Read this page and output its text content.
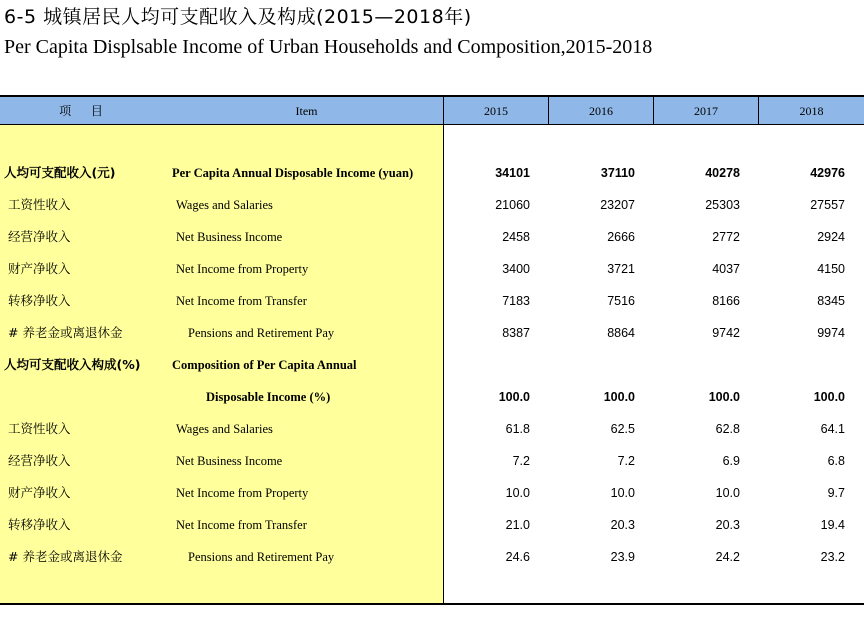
6-5 城镇居民人均可支配收入及构成(2015—2018年)
Per Capita Displsable Income of Urban Households and Composition,2015-2018
项 目	Item	2015	2016	2017	2018
人均可支配收入(元)	Per Capita Annual Disposable Income (yuan)	34101	37110	40278	42976
工资性收入	Wages and Salaries	21060	23207	25303	27557
经营净收入	Net Business Income	2458	2666	2772	2924
财产净收入	Net Income from Property	3400	3721	4037	4150
转移净收入	Net Income from Transfer	7183	7516	8166	8345
# 养老金或离退休金	Pensions and Retirement Pay	8387	8864	9742	9974
人均可支配收入构成(%)	Composition of Per Capita Annual
Disposable Income (%)	100.0	100.0	100.0	100.0
工资性收入	Wages and Salaries	61.8	62.5	62.8	64.1
经营净收入	Net Business Income	7.2	7.2	6.9	6.8
财产净收入	Net Income from Property	10.0	10.0	10.0	9.7
转移净收入	Net Income from Transfer	21.0	20.3	20.3	19.4
# 养老金或离退休金	Pensions and Retirement Pay	24.6	23.9	24.2	23.2
